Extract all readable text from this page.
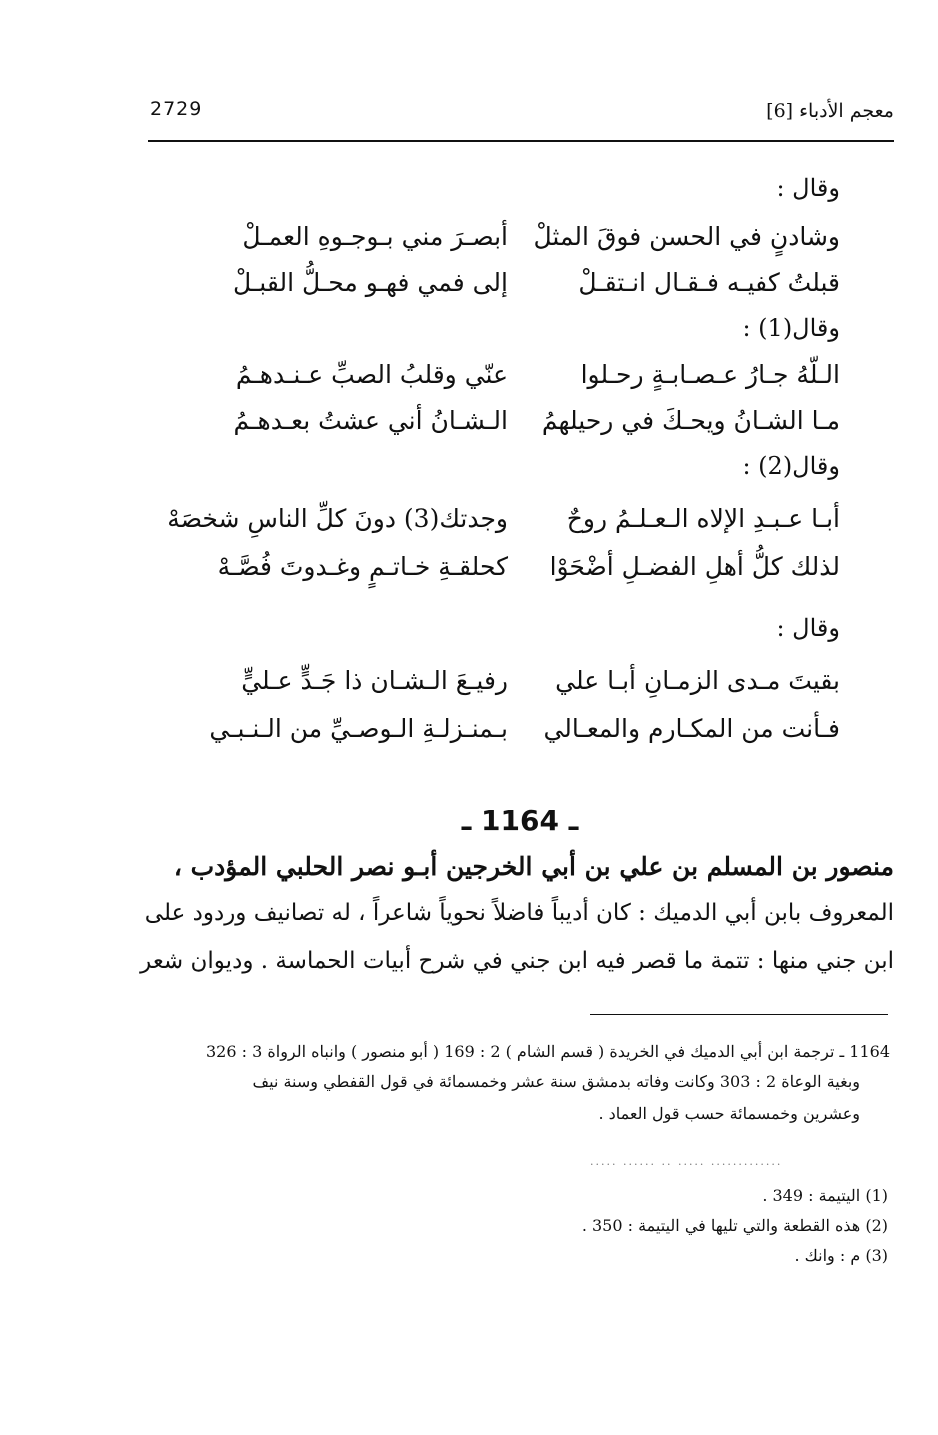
معجم الأدباء [6]
2729
وقال :
وشادنٍ في الحسن فوقَ المثلْ
أبصـرَ مني بـوجـوهِ العمـلْ
قبلتُ كفيـه فـقـال انـتقـلْ
إلى فمي فهـو محـلُّ القبـلْ
وقال(1) :
الـلّهُ جـارُ عـصـابـةٍ رحـلوا
عنّي وقلبُ الصبِّ عـنـدهـمُ
مـا الشـانُ ويحـكَ في رحيلهمُ
الـشـانُ أني عشتُ بعـدهـمُ
وقال(2) :
أبـا عـبـدِ الإلاه الـعـلـمُ روحٌ
وجدتك(3) دونَ كلِّ الناسِ شخصَهْ
لذلك كلُّ أهلِ الفضـلِ أضْحَوْا
كحلقـةِ خـاتـمٍ وغـدوتَ فُصَّـهْ
وقال :
بقيتَ مـدى الزمـانِ أبـا علي
رفيـعَ الـشـان ذا جَـدٍّ عـليٍّ
فـأنت من المكـارم والمعـالي
بـمنـزلـةِ الـوصـيِّ من الـنـبـي
ـ 1164 ـ
منصور بن المسلم بن علي بن أبي الخرجين أبـو نصر الحلبي المؤدب ،
المعروف بابن أبي الدميك : كان أديباً فاضلاً نحوياً شاعراً ، له تصانيف وردود على
ابن جني منها : تتمة ما قصر فيه ابن جني في شرح أبيات الحماسة . وديوان شعر
1164 ـ ترجمة ابن أبي الدميك في الخريدة ( قسم الشام ) 2 : 169 ( أبو منصور ) وانباه الرواة 3 : 326
وبغية الوعاة 2 : 303 وكانت وفاته بدمشق سنة عشر وخمسمائة في قول القفطي وسنة نيف
وعشرين وخمسمائة حسب قول العماد .
..... ...... .. ..... .............
(1) اليتيمة : 349 .
(2) هذه القطعة والتي تليها في اليتيمة : 350 .
(3) م : وانك .
